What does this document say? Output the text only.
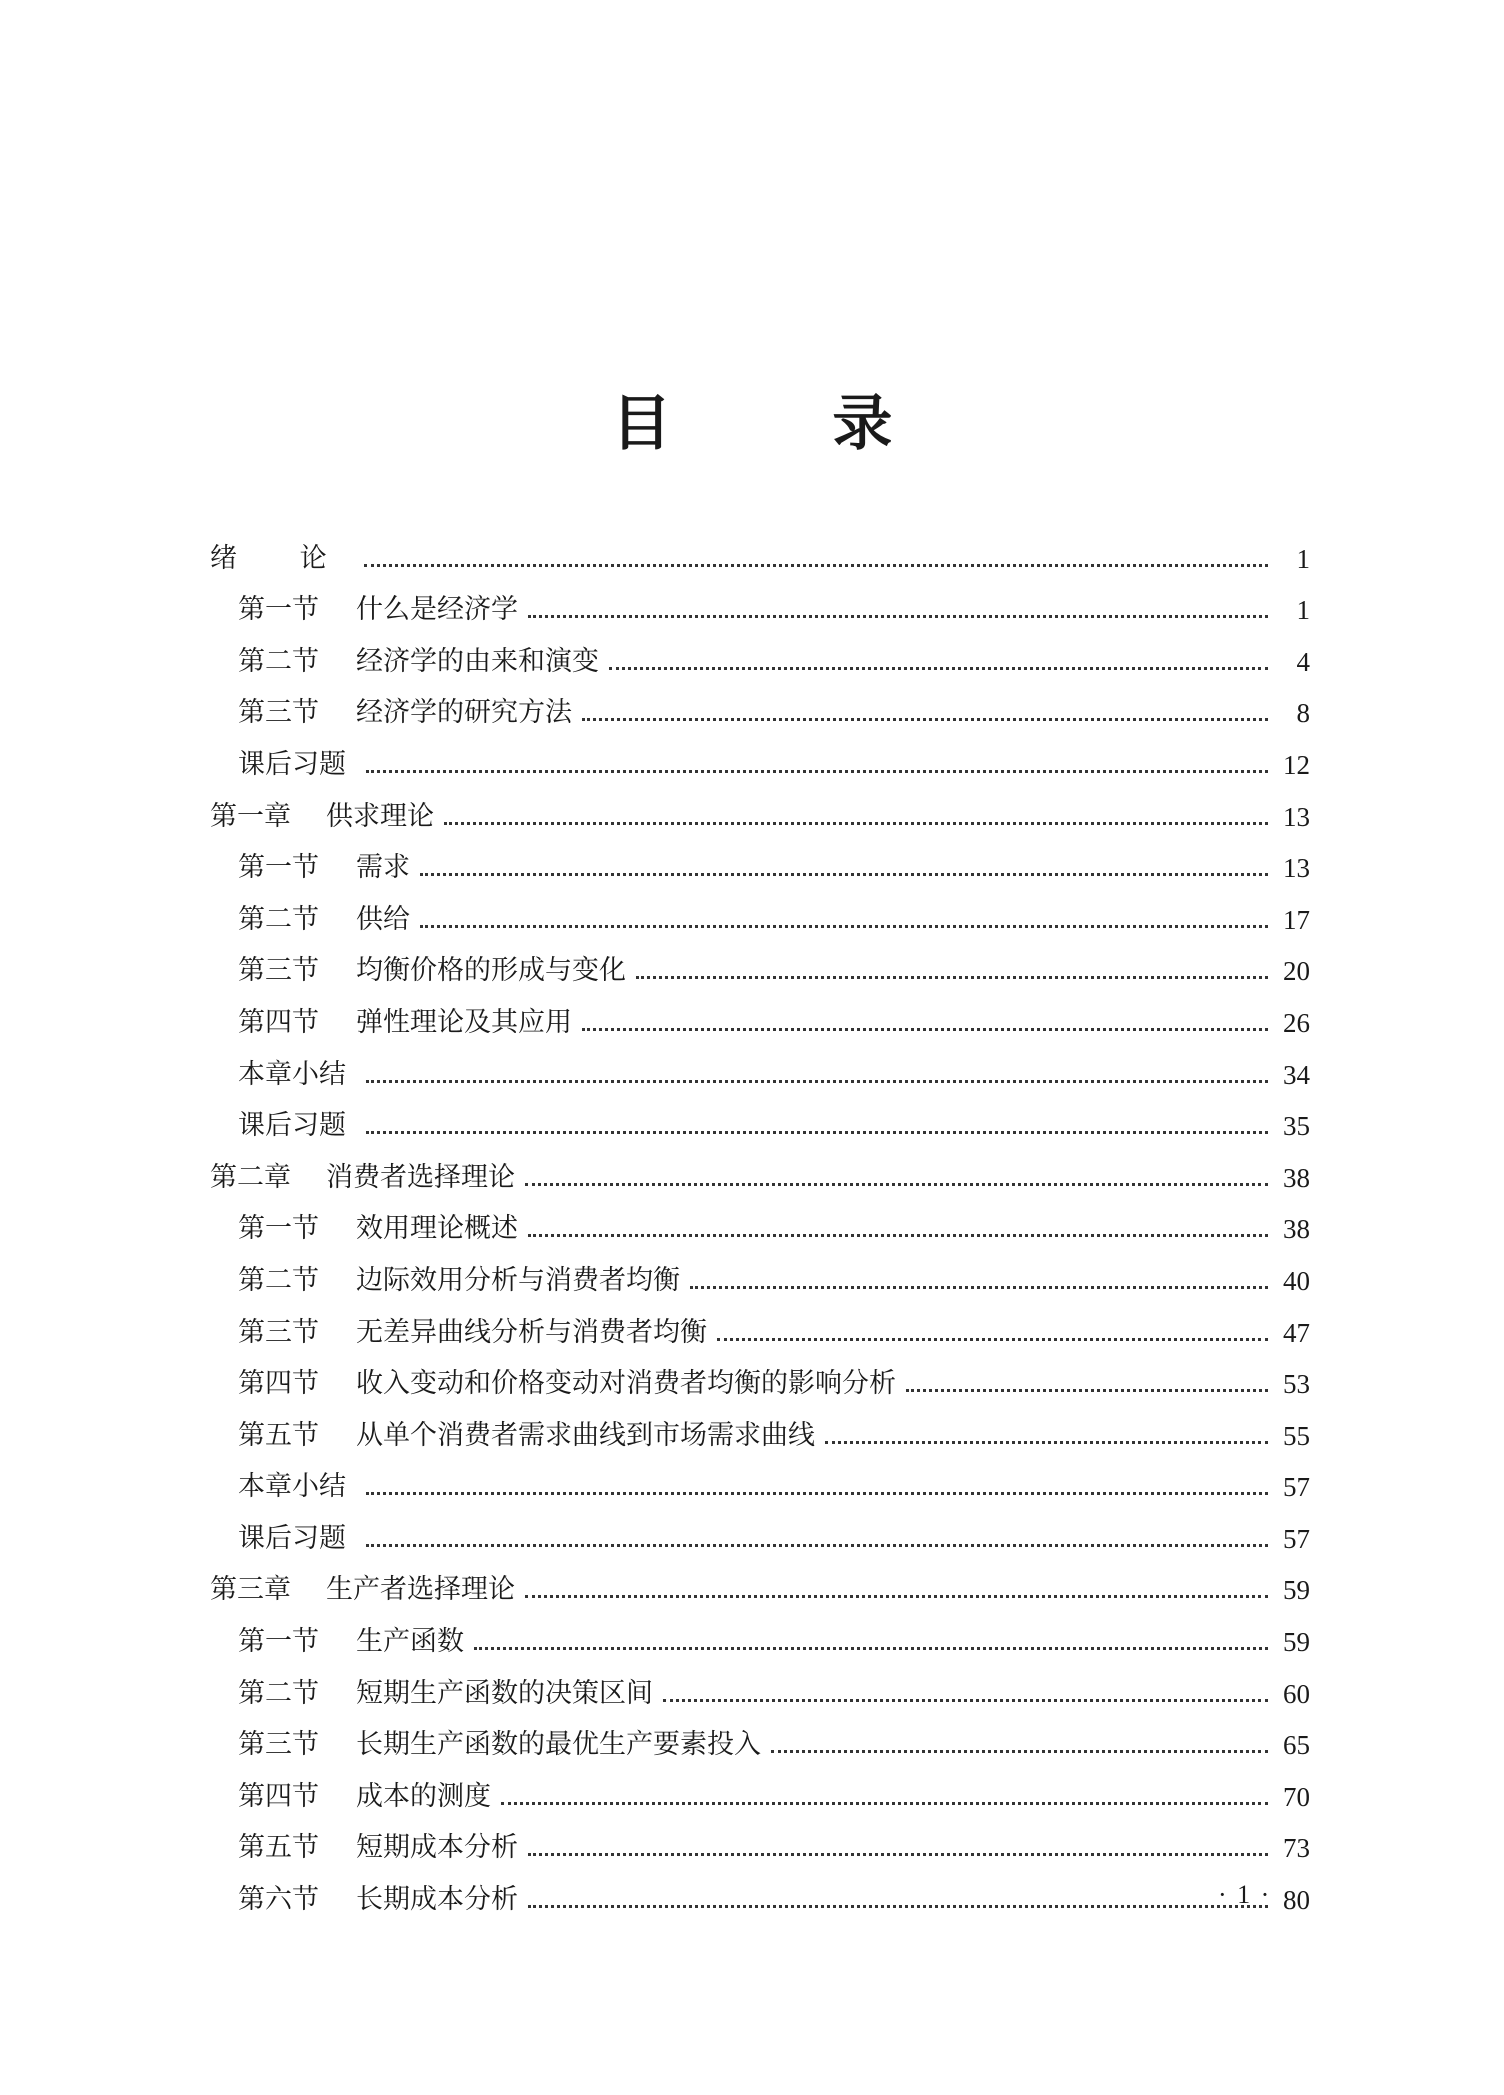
目 录
绪 论	1
第一节 什么是经济学	1
第二节 经济学的由来和演变	4
第三节 经济学的研究方法	8
课后习题	12
第一章 供求理论	13
第一节 需求	13
第二节 供给	17
第三节 均衡价格的形成与变化	20
第四节 弹性理论及其应用	26
本章小结	34
课后习题	35
第二章 消费者选择理论	38
第一节 效用理论概述	38
第二节 边际效用分析与消费者均衡	40
第三节 无差异曲线分析与消费者均衡	47
第四节 收入变动和价格变动对消费者均衡的影响分析	53
第五节 从单个消费者需求曲线到市场需求曲线	55
本章小结	57
课后习题	57
第三章 生产者选择理论	59
第一节 生产函数	59
第二节 短期生产函数的决策区间	60
第三节 长期生产函数的最优生产要素投入	65
第四节 成本的测度	70
第五节 短期成本分析	73
第六节 长期成本分析	80
· 1 ·
